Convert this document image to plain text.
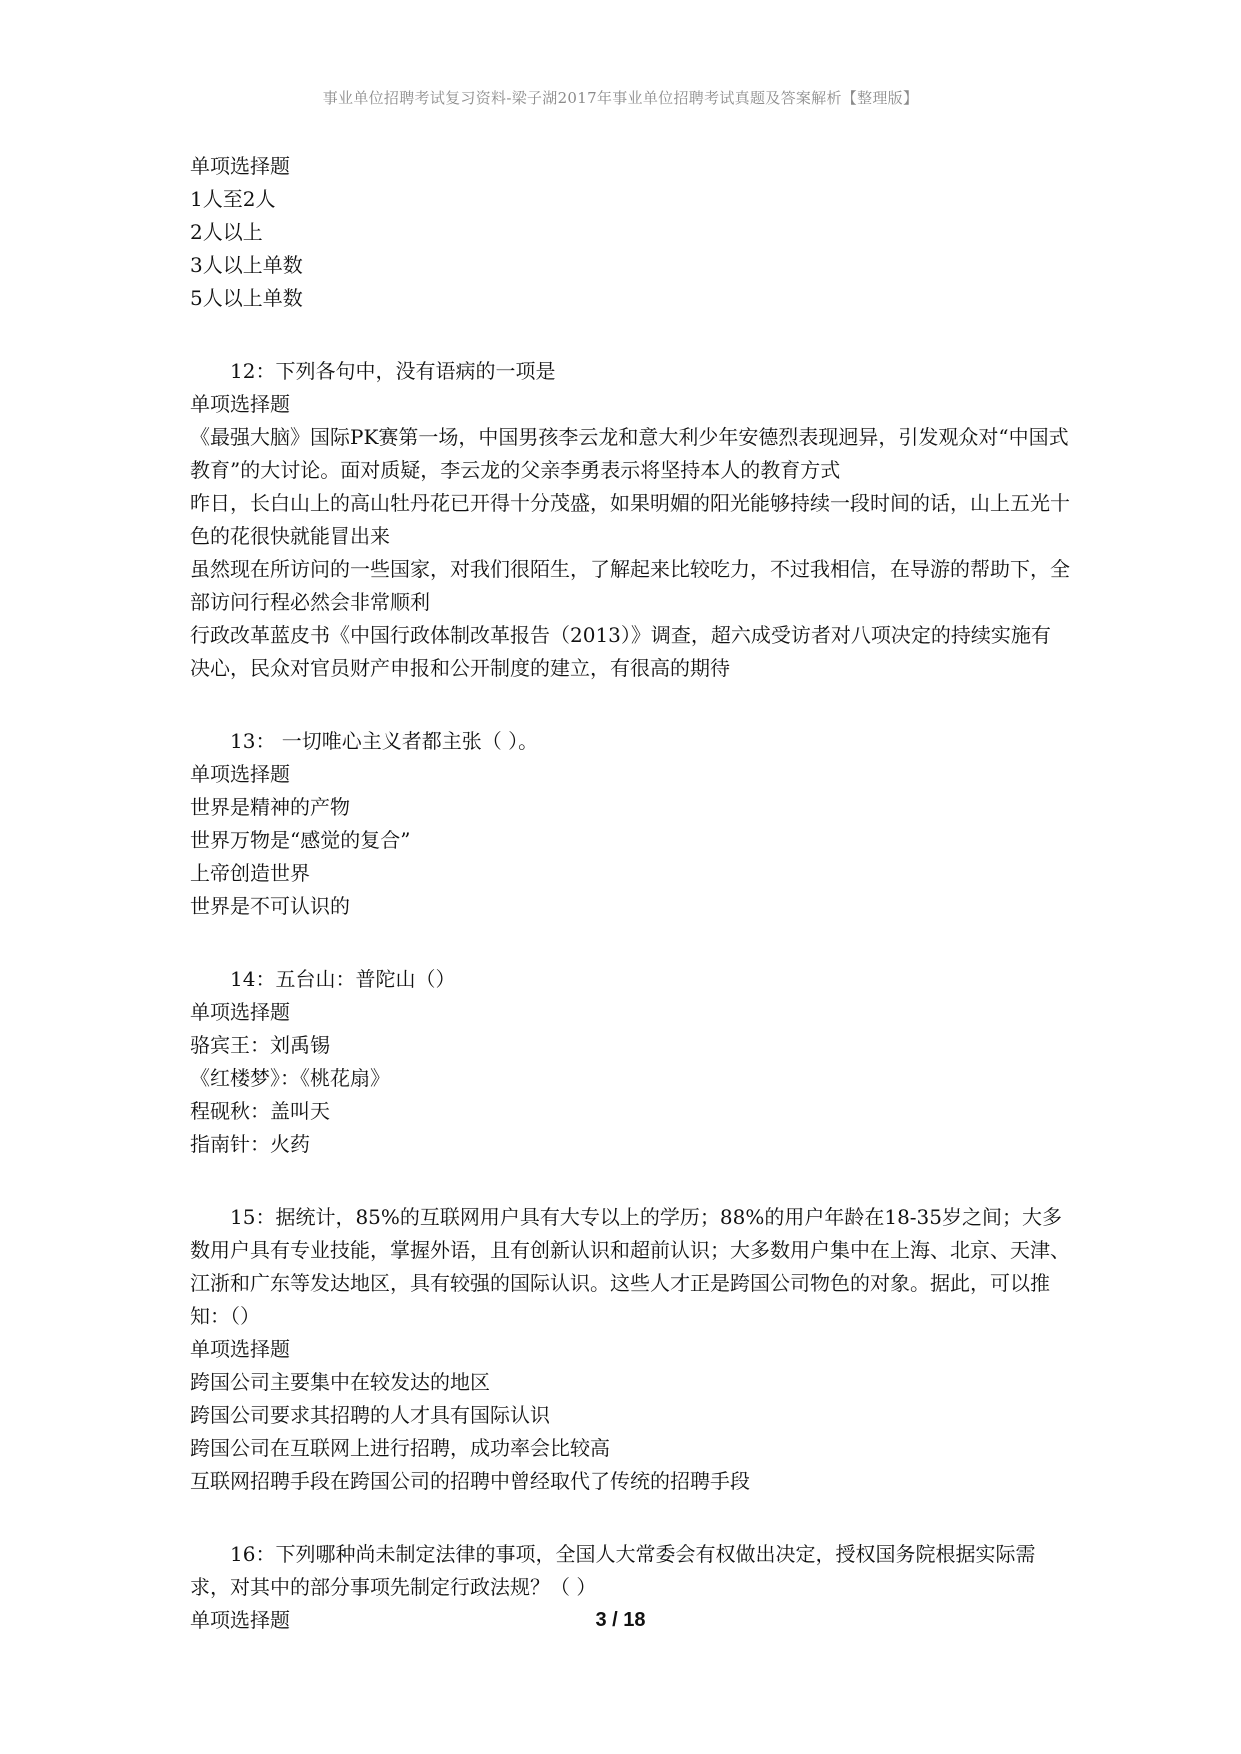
事业单位招聘考试复习资料-梁子湖2017年事业单位招聘考试真题及答案解析【整理版】

单项选择题

1人至2人

2人以上

3人以上单数

5人以上单数

12：下列各句中，没有语病的一项是

单项选择题

《最强大脑》国际PK赛第一场，中国男孩李云龙和意大利少年安德烈表现迥异，引发观众对“中国式教育”的大讨论。面对质疑，李云龙的父亲李勇表示将坚持本人的教育方式

昨日，长白山上的高山牡丹花已开得十分茂盛，如果明媚的阳光能够持续一段时间的话，山上五光十色的花很快就能冒出来

虽然现在所访问的一些国家，对我们很陌生，了解起来比较吃力，不过我相信，在导游的帮助下，全部访问行程必然会非常顺利

行政改革蓝皮书《中国行政体制改革报告（2013）》调查，超六成受访者对八项决定的持续实施有决心，民众对官员财产申报和公开制度的建立，有很高的期待

13： 一切唯心主义者都主张（ ）。

单项选择题

世界是精神的产物

世界万物是“感觉的复合”

上帝创造世界

世界是不可认识的

14：五台山：普陀山（）

单项选择题

骆宾王：刘禹锡

《红楼梦》：《桃花扇》

程砚秋：盖叫天

指南针：火药

15：据统计，85%的互联网用户具有大专以上的学历；88%的用户年龄在18-35岁之间；大多数用户具有专业技能，掌握外语，且有创新认识和超前认识；大多数用户集中在上海、北京、天津、江浙和广东等发达地区，具有较强的国际认识。这些人才正是跨国公司物色的对象。据此，可以推知：（）

单项选择题

跨国公司主要集中在较发达的地区

跨国公司要求其招聘的人才具有国际认识

跨国公司在互联网上进行招聘，成功率会比较高

互联网招聘手段在跨国公司的招聘中曾经取代了传统的招聘手段

16：下列哪种尚未制定法律的事项，全国人大常委会有权做出决定，授权国务院根据实际需求，对其中的部分事项先制定行政法规？（ ）

单项选择题	3 / 18
